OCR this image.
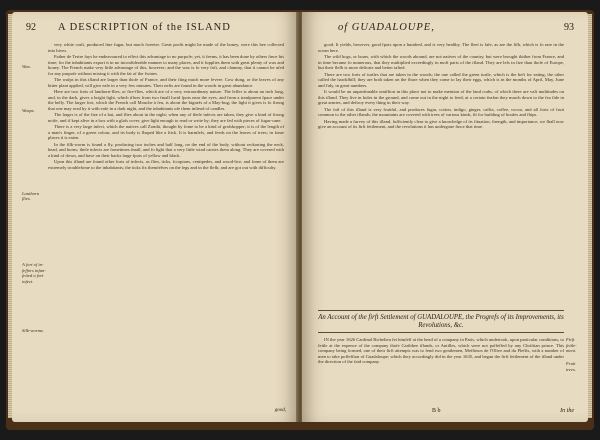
92 A DESCRIPTION of the ISLAND
Wax.
Wasps.
Lanthorn flies.
A fort of in-feffors infan- feited a fort infect.
Silk-worms.

very white craft, produced fine fugar, but much fweeter. Great profit might be made of the honey, were this bee collected into hives.

Father de Tertre fays he endeavoured to effect this advantage to no purpofe; yet, it feems, it has been done by others fince his time; for the inhabitants export it in no inconfiderable manner to many places, and it fupplies them with great plenty of wax and honey. The French make very little advantage of this, however; and the wax is fo very foft, and clammy, that it cannot be ufed for any purpofe without mixing it with the fat of the fwines.

The wafps in this ifland are larger than thofe of France, and their fting much more fevere. Cow dung, or the leaves of any bitter plant applied, will give eafe in a very few minutes. Their nefts are found in the woods in great abundance.

Here are two forts of lanthorn-flies, or fire-flies, which are of a very extraordinary nature. The leffer is about an inch long, and, in the dark, gives a bright light, which iffues from two fmall lucid fpots near the eyes, and from a tranfparent fpace under the belly. The larger fort, which the French call Mouche à feu, is about the bignefs of a May-bug; the light it gives is fo ftrong that one may read by it with eafe in a dark night, and the inhabitants ufe them inftead of candles.

The larger is of the fize of a bat, and flies about in the night; when any of thefe infects are taken, they give a kind of ftrong noife, and if kept alive in a box with a glafs cover, give light enough to read or write by; they are fed with pieces of fugar-cane.

There is a very large infect, which the natives call Zombi, thought by fome to be a kind of grafshopper; it is of the length of a man's finger, of a green colour, and its body is fhaped like a ftick. It is harmlefs, and feeds on the leaves of trees; in fome places it is eaten.

In the filk-worm is found a fly, producing two inches and half long, on the end of the body, without reckoning the neck, head, and horns; thefe infects are fometimes fmall, and fo light that a very little wind carries them along. They are covered with a kind of down, and have on their backs large fpots of yellow and black.

Upon this ifland are found other forts of infects, as flies, ticks, fcorpions, centipedes, and wood-lice, and fome of them are extremely troublefome to the inhabitants; the ticks fix themfelves on the legs and in the flefh, and are got out with difficulty.

good,
93
of GUADALOUPE,

good. It yields, however, good fpots upon a hundred, and is very healthy. The fleet is fafe, as are the fifh, which is fo rare in the ocean here.

The wild hogs, or boars, with which the woods abound, are not natives of the country, but were brought thither from France, and in time became fo numerous, that they multiplied exceedingly in moft parts of the ifland. They are lefs in fize than thofe of Europe, but their flefh is more delicate and better tafted.

There are two forts of turtles that are taken in the woods; the one called the green turtle, which is the beft for eating, the other called the hawkfbill; they are both taken on the fhore when they come to lay their eggs, which is in the months of April, May, June and July, in great numbers.

It would be an unpardonable omiffion in this place not to make mention of the land crabs, of which there are vaft multitudes on this ifland. They live in holes in the ground, and come out in the night to feed; at a certain feafon they march down to the fea fide in great armies, and deftroy every thing in their way.

The foil of this ifland is very fruitful, and produces fugar, cotton, indigo, ginger, caffia, coffee, cocoa, and all forts of fruit common to the other iflands; the mountains are covered with trees of various kinds, fit for building of houfes and fhips.

Having made a furvey of this ifland, fufficiently clear to give a knowledge of its fituation, ftrength, and importance, we fhall now give an account of its firft fettlement, and the revolutions it has undergone fince that time.

Fruit trees.
An Account of the firft Settlement of GUADALOUPE, the Progrefs of its Improvements, its Revolutions, &c.

IN the year 1626 Cardinal Richelieu fet himfelf at the head of a company in Paris, which undertook, upon particular conditions, to fettle at the expence of the company thofe Caribbee iflands, or Antilles, which were not poffeffed by any Chriftian prince. This company being formed, one of their firft attempts was to fend two gentlemen, Meffieurs de l'Olive and du Pleffis, with a number of men to take poffeffion of Guadaloupe; which they accordingly did in the year 1635, and began the firft fettlement of the ifland under the direction of the faid company.

Firft fettle- ment.
B b	In the
